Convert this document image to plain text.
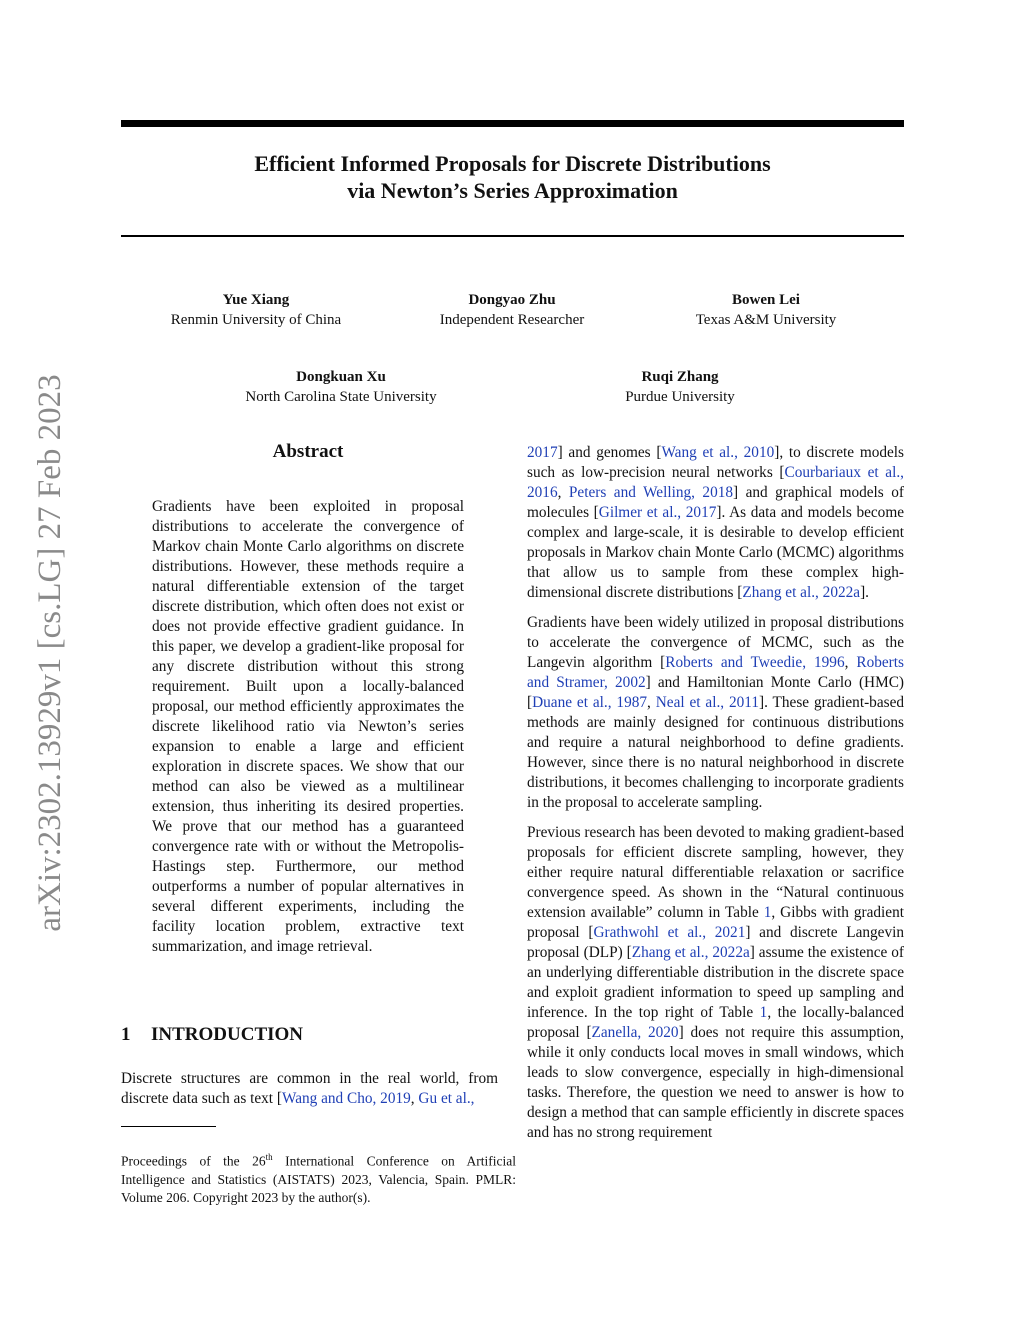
Efficient Informed Proposals for Discrete Distributions
via Newton’s Series Approximation
Yue Xiang
Renmin University of China
Dongyao Zhu
Independent Researcher
Bowen Lei
Texas A&M University
Dongkuan Xu
North Carolina State University
Ruqi Zhang
Purdue University
arXiv:2302.13929v1 [cs.LG] 27 Feb 2023	Abstract
Gradients have been exploited in proposal distributions to accelerate the convergence of Markov chain Monte Carlo algorithms on discrete distributions. However, these methods require a natural differentiable extension of the target discrete distribution, which often does not exist or does not provide effective gradient guidance. In this paper, we develop a gradient-like proposal for any discrete distribution without this strong requirement. Built upon a locally-balanced proposal, our method efficiently approximates the discrete likelihood ratio via Newton’s series expansion to enable a large and efficient exploration in discrete spaces. We show that our method can also be viewed as a multilinear extension, thus inheriting its desired properties. We prove that our method has a guaranteed convergence rate with or without the Metropolis-Hastings step. Furthermore, our method outperforms a number of popular alternatives in several different experiments, including the facility location problem, extractive text summarization, and image retrieval.
1 INTRODUCTION
Discrete structures are common in the real world, from discrete data such as text [Wang and Cho, 2019, Gu et al.,
Proceedings of the 26th International Conference on Artificial Intelligence and Statistics (AISTATS) 2023, Valencia, Spain. PMLR: Volume 206. Copyright 2023 by the author(s).

2017] and genomes [Wang et al., 2010], to discrete models such as low-precision neural networks [Courbariaux et al., 2016, Peters and Welling, 2018] and graphical models of molecules [Gilmer et al., 2017]. As data and models become complex and large-scale, it is desirable to develop efficient proposals in Markov chain Monte Carlo (MCMC) algorithms that allow us to sample from these complex high-dimensional discrete distributions [Zhang et al., 2022a].

Gradients have been widely utilized in proposal distributions to accelerate the convergence of MCMC, such as the Langevin algorithm [Roberts and Tweedie, 1996, Roberts and Stramer, 2002] and Hamiltonian Monte Carlo (HMC) [Duane et al., 1987, Neal et al., 2011]. These gradient-based methods are mainly designed for continuous distributions and require a natural neighborhood to define gradients. However, since there is no natural neighborhood in discrete distributions, it becomes challenging to incorporate gradients in the proposal to accelerate sampling.

Previous research has been devoted to making gradient-based proposals for efficient discrete sampling, however, they either require natural differentiable relaxation or sacrifice convergence speed. As shown in the “Natural continuous extension available” column in Table 1, Gibbs with gradient proposal [Grathwohl et al., 2021] and discrete Langevin proposal (DLP) [Zhang et al., 2022a] assume the existence of an underlying differentiable distribution in the discrete space and exploit gradient information to speed up sampling and inference. In the top right of Table 1, the locally-balanced proposal [Zanella, 2020] does not require this assumption, while it only conducts local moves in small windows, which leads to slow convergence, especially in high-dimensional tasks. Therefore, the question we need to answer is how to design a method that can sample efficiently in discrete spaces and has no strong requirement
